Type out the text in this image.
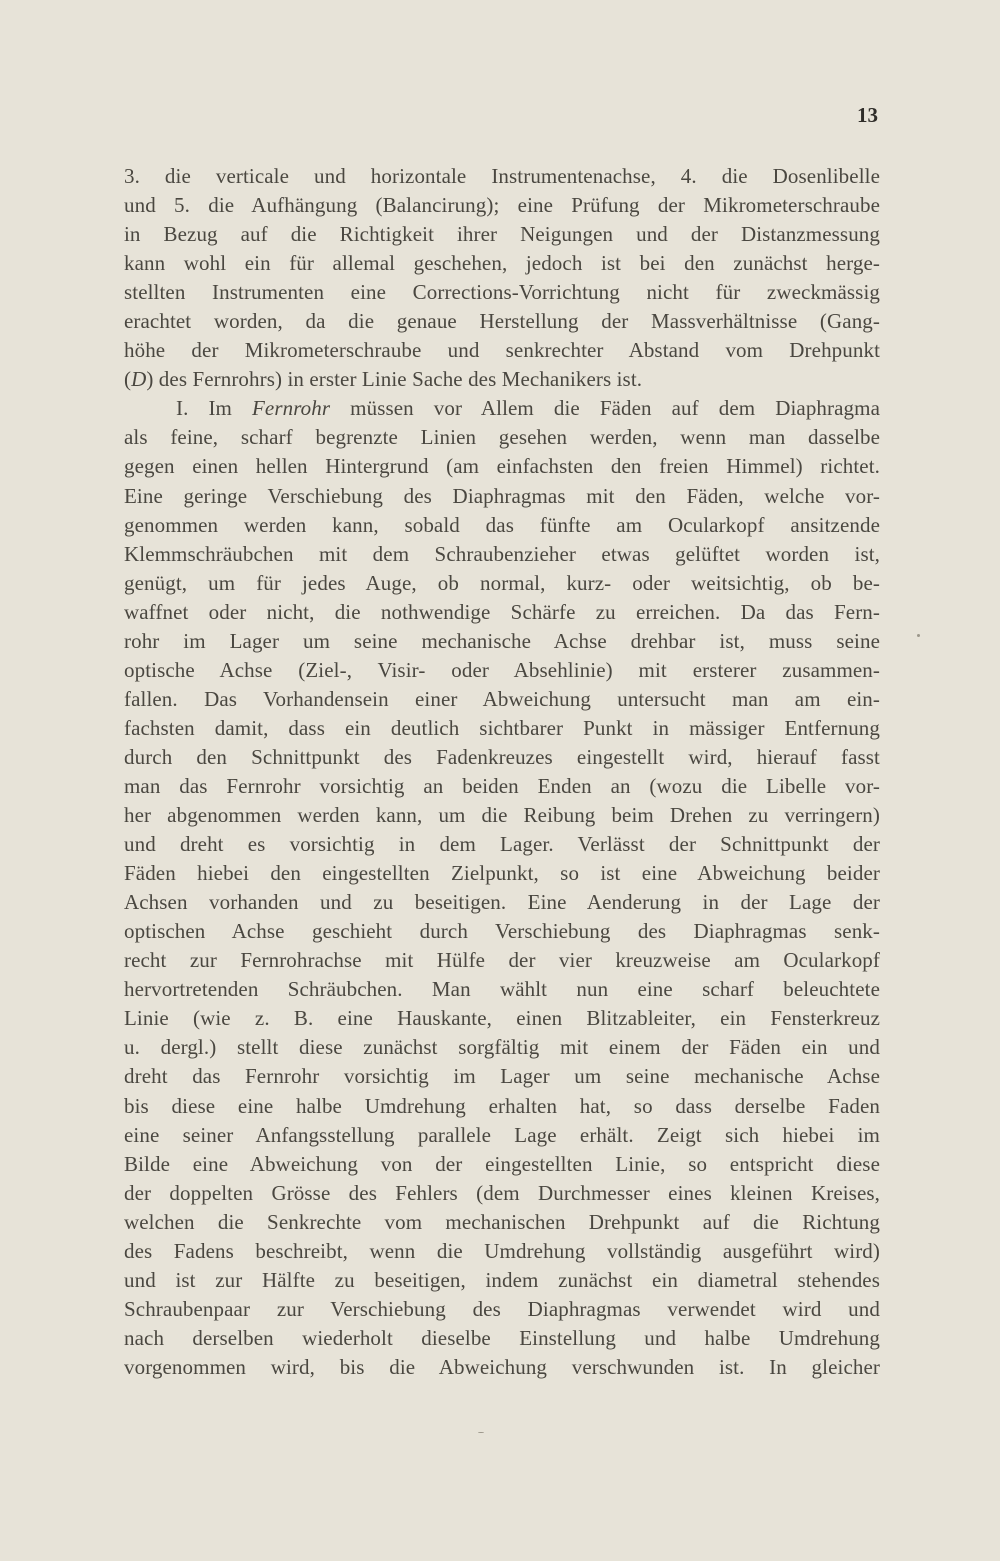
13
3. die verticale und horizontale Instrumentenachse, 4. die Dosenlibelle
und 5. die Aufhängung (Balancirung); eine Prüfung der Mikrometerschraube
in Bezug auf die Richtigkeit ihrer Neigungen und der Distanzmessung
kann wohl ein für allemal geschehen, jedoch ist bei den zunächst herge-
stellten Instrumenten eine Corrections-Vorrichtung nicht für zweckmässig
erachtet worden, da die genaue Herstellung der Massverhältnisse (Gang-
höhe der Mikrometerschraube und senkrechter Abstand vom Drehpunkt
(D) des Fernrohrs) in erster Linie Sache des Mechanikers ist.
I. Im Fernrohr müssen vor Allem die Fäden auf dem Diaphragma
als feine, scharf begrenzte Linien gesehen werden, wenn man dasselbe
gegen einen hellen Hintergrund (am einfachsten den freien Himmel) richtet.
Eine geringe Verschiebung des Diaphragmas mit den Fäden, welche vor-
genommen werden kann, sobald das fünfte am Ocularkopf ansitzende
Klemmschräubchen mit dem Schraubenzieher etwas gelüftet worden ist,
genügt, um für jedes Auge, ob normal, kurz- oder weitsichtig, ob be-
waffnet oder nicht, die nothwendige Schärfe zu erreichen. Da das Fern-
rohr im Lager um seine mechanische Achse drehbar ist, muss seine
optische Achse (Ziel-, Visir- oder Absehlinie) mit ersterer zusammen-
fallen. Das Vorhandensein einer Abweichung untersucht man am ein-
fachsten damit, dass ein deutlich sichtbarer Punkt in mässiger Entfernung
durch den Schnittpunkt des Fadenkreuzes eingestellt wird, hierauf fasst
man das Fernrohr vorsichtig an beiden Enden an (wozu die Libelle vor-
her abgenommen werden kann, um die Reibung beim Drehen zu verringern)
und dreht es vorsichtig in dem Lager. Verlässt der Schnittpunkt der
Fäden hiebei den eingestellten Zielpunkt, so ist eine Abweichung beider
Achsen vorhanden und zu beseitigen. Eine Aenderung in der Lage der
optischen Achse geschieht durch Verschiebung des Diaphragmas senk-
recht zur Fernrohrachse mit Hülfe der vier kreuzweise am Ocularkopf
hervortretenden Schräubchen. Man wählt nun eine scharf beleuchtete
Linie (wie z. B. eine Hauskante, einen Blitzableiter, ein Fensterkreuz
u. dergl.) stellt diese zunächst sorgfältig mit einem der Fäden ein und
dreht das Fernrohr vorsichtig im Lager um seine mechanische Achse
bis diese eine halbe Umdrehung erhalten hat, so dass derselbe Faden
eine seiner Anfangsstellung parallele Lage erhält. Zeigt sich hiebei im
Bilde eine Abweichung von der eingestellten Linie, so entspricht diese
der doppelten Grösse des Fehlers (dem Durchmesser eines kleinen Kreises,
welchen die Senkrechte vom mechanischen Drehpunkt auf die Richtung
des Fadens beschreibt, wenn die Umdrehung vollständig ausgeführt wird)
und ist zur Hälfte zu beseitigen, indem zunächst ein diametral stehendes
Schraubenpaar zur Verschiebung des Diaphragmas verwendet wird und
nach derselben wiederholt dieselbe Einstellung und halbe Umdrehung
vorgenommen wird, bis die Abweichung verschwunden ist. In gleicher
